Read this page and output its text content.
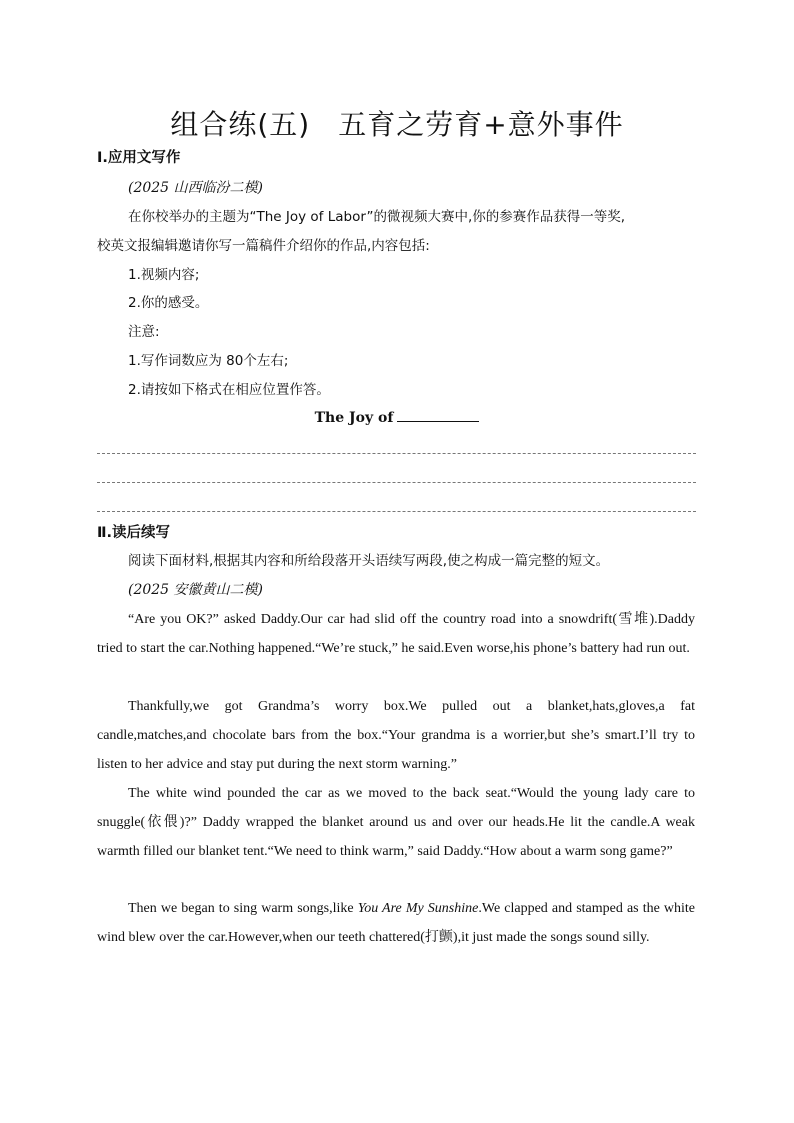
组合练(五) 五育之劳育+意外事件
Ⅰ.应用文写作
(2025 山西临汾二模)
在你校举办的主题为“The Joy of Labor”的微视频大赛中,你的参赛作品获得一等奖,
校英文报编辑邀请你写一篇稿件介绍你的作品,内容包括:
1.视频内容;
2.你的感受。
注意:
1.写作词数应为 80个左右;
2.请按如下格式在相应位置作答。
The Joy of
Ⅱ.读后续写
阅读下面材料,根据其内容和所给段落开头语续写两段,使之构成一篇完整的短文。
(2025 安徽黄山二模)
“Are you OK?” asked Daddy.Our car had slid off the country road into a snowdrift(雪堆).Daddy tried to start the car.Nothing happened.“We’re stuck,” he said.Even worse,his phone’s battery had run out.
Thankfully,we got Grandma’s worry box.We pulled out a blanket,hats,gloves,a fat candle,matches,and chocolate bars from the box.“Your grandma is a worrier,but she’s smart.I’ll try to listen to her advice and stay put during the next storm warning.”
The white wind pounded the car as we moved to the back seat.“Would the young lady care to snuggle(依偎)?” Daddy wrapped the blanket around us and over our heads.He lit the candle.A weak warmth filled our blanket tent.“We need to think warm,” said Daddy.“How about a warm song game?”
Then we began to sing warm songs,like You Are My Sunshine.We clapped and stamped as the white wind blew over the car.However,when our teeth chattered(打颤),it just made the songs sound silly.
